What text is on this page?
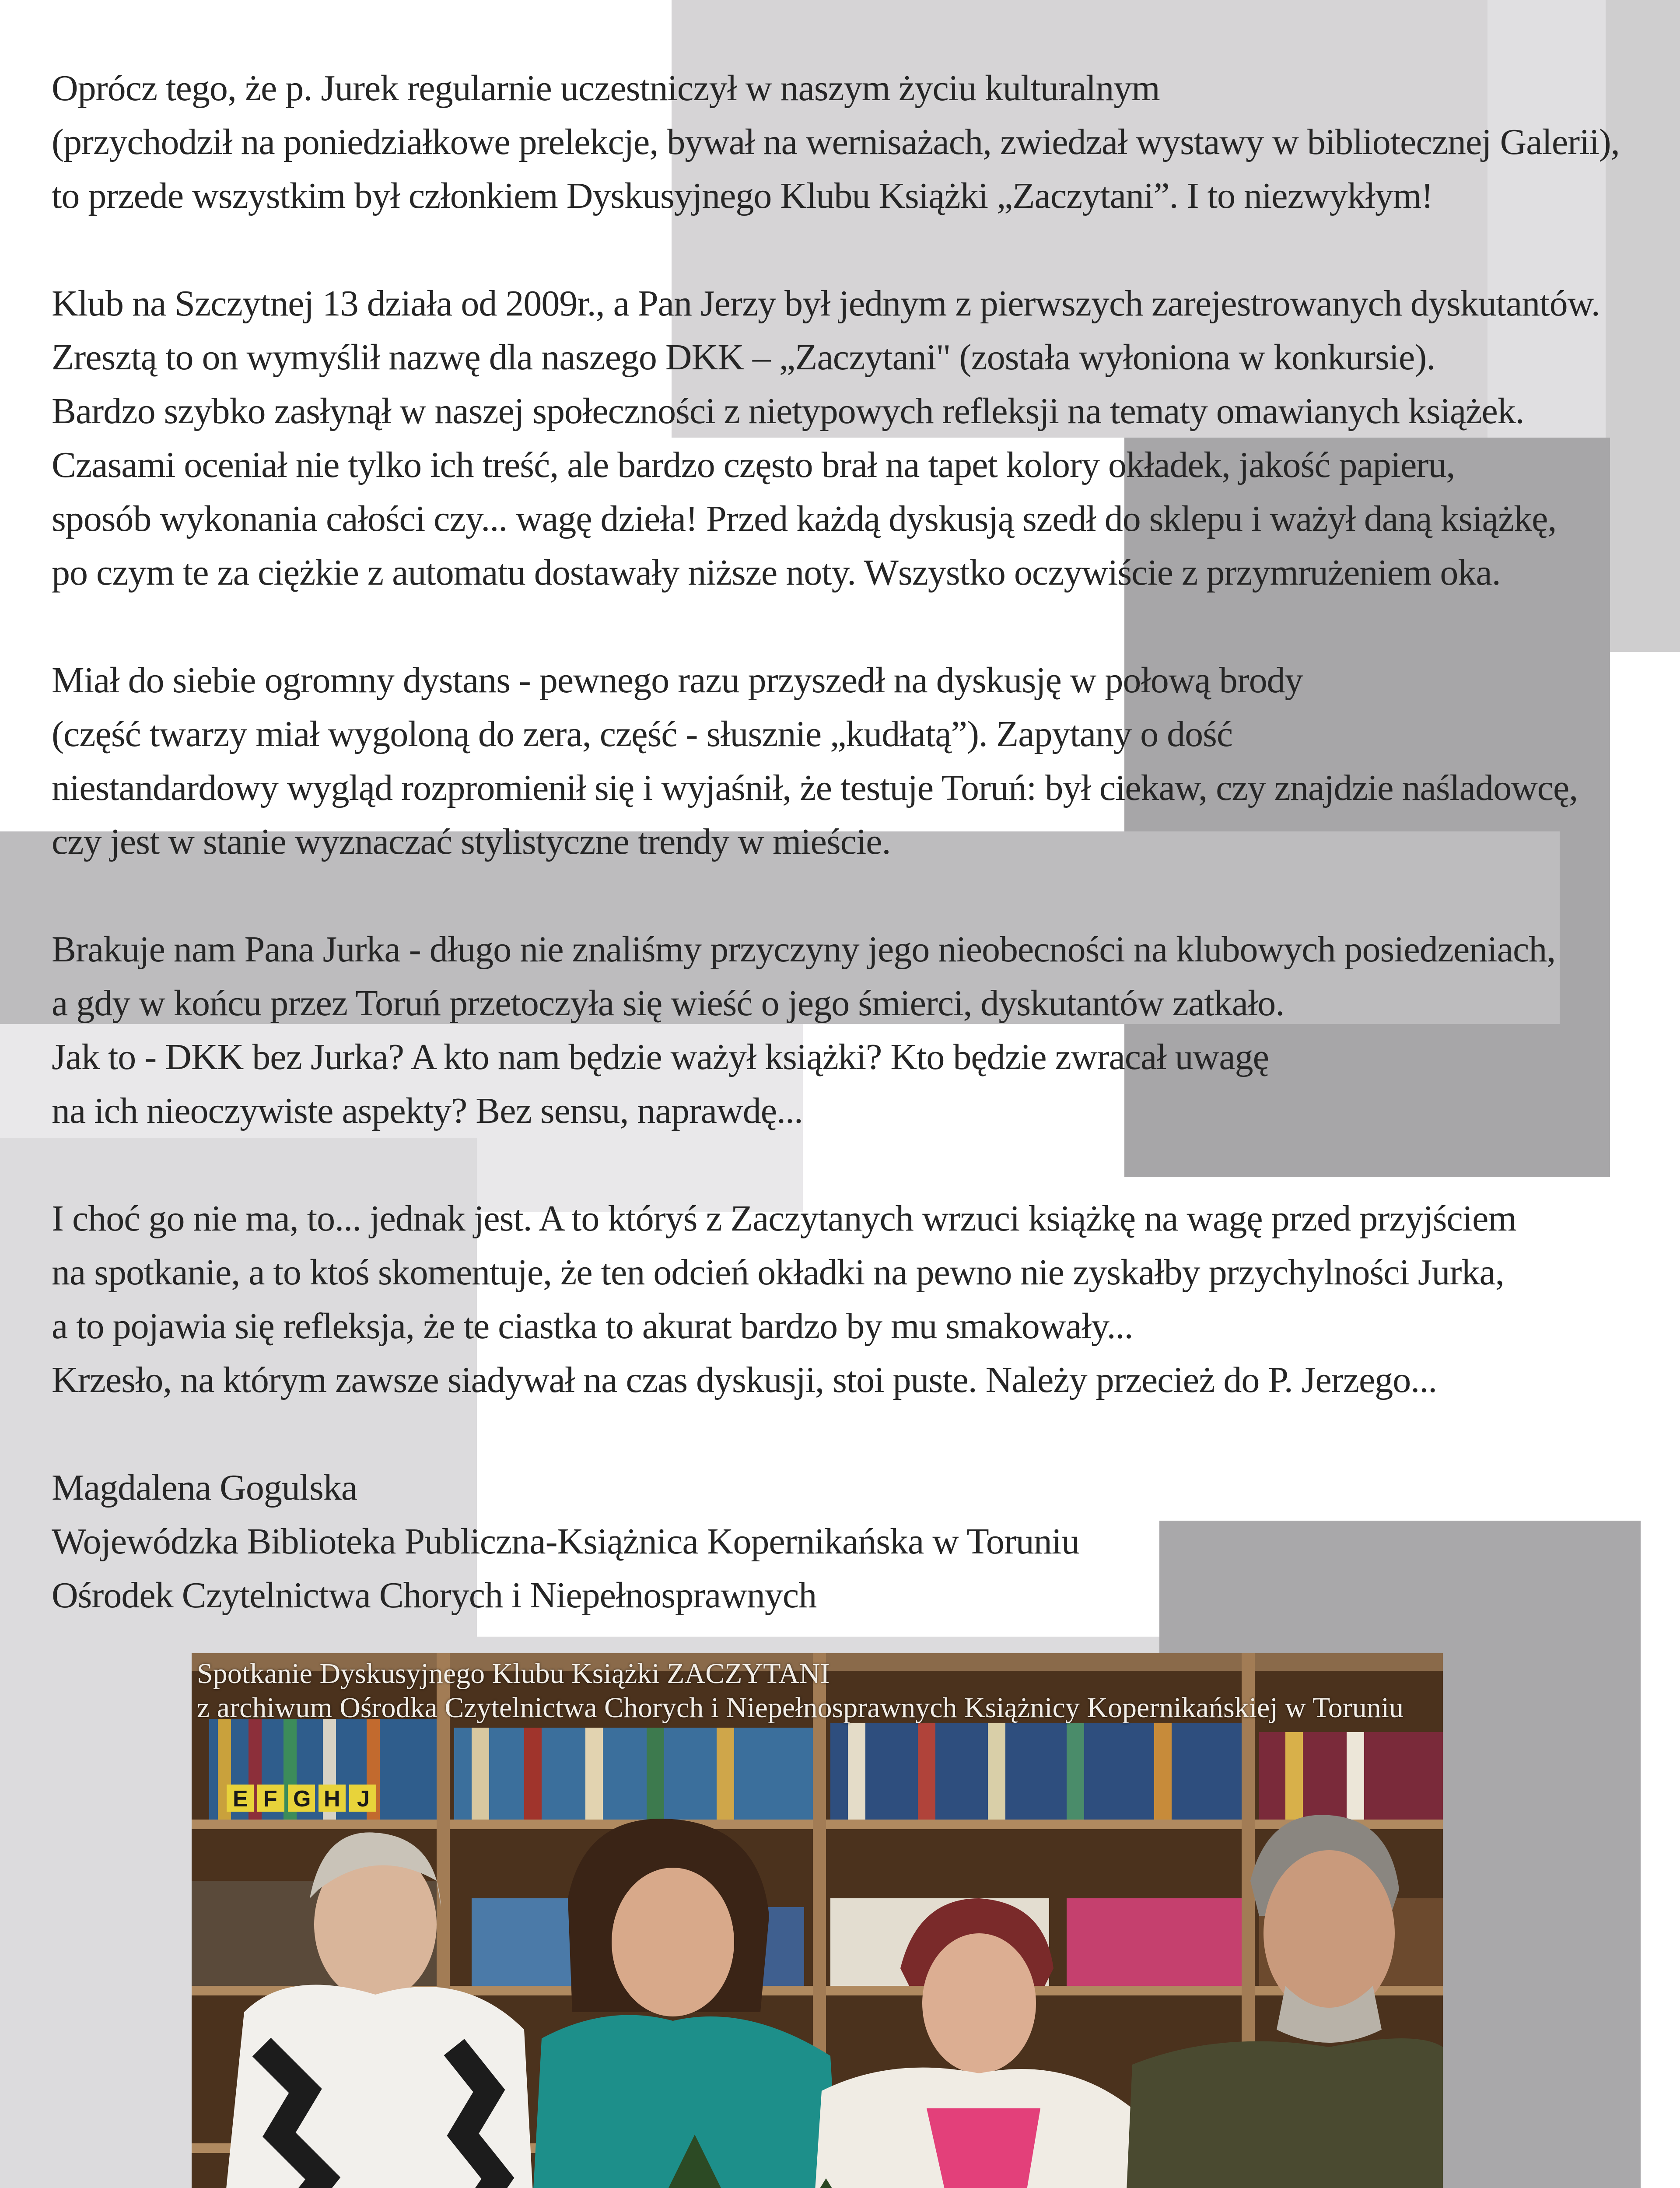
Oprócz tego, że p. Jurek regularnie uczestniczył w naszym życiu kulturalnym
(przychodził na poniedziałkowe prelekcje, bywał na wernisażach, zwiedzał wystawy w bibliotecznej Galerii),
to przede wszystkim był członkiem Dyskusyjnego Klubu Książki „Zaczytani”. I to niezwykłym!

Klub na Szczytnej 13 działa od 2009r., a Pan Jerzy był jednym z pierwszych zarejestrowanych dyskutantów.
Zresztą to on wymyślił nazwę dla naszego DKK – „Zaczytani" (została wyłoniona w konkursie).
Bardzo szybko zasłynął w naszej społeczności z nietypowych refleksji na tematy omawianych książek.
Czasami oceniał nie tylko ich treść, ale bardzo często brał na tapet kolory okładek, jakość papieru,
sposób wykonania całości czy... wagę dzieła! Przed każdą dyskusją szedł do sklepu i ważył daną książkę,
po czym te za ciężkie z automatu dostawały niższe noty. Wszystko oczywiście z przymrużeniem oka.

Miał do siebie ogromny dystans - pewnego razu przyszedł na dyskusję w połową brody
(część twarzy miał wygoloną do zera, część - słusznie „kudłatą”). Zapytany o dość
niestandardowy wygląd rozpromienił się i wyjaśnił, że testuje Toruń: był ciekaw, czy znajdzie naśladowcę,
czy jest w stanie wyznaczać stylistyczne trendy w mieście.

Brakuje nam Pana Jurka - długo nie znaliśmy przyczyny jego nieobecności na klubowych posiedzeniach,
a gdy w końcu przez Toruń przetoczyła się wieść o jego śmierci, dyskutantów zatkało.
Jak to - DKK bez Jurka? A kto nam będzie ważył książki? Kto będzie zwracał uwagę
na ich nieoczywiste aspekty? Bez sensu, naprawdę...

I choć go nie ma, to... jednak jest. A to któryś z Zaczytanych wrzuci książkę na wagę przed przyjściem
na spotkanie, a to ktoś skomentuje, że ten odcień okładki na pewno nie zyskałby przychylności Jurka,
a to pojawia się refleksja, że te ciastka to akurat bardzo by mu smakowały...
Krzesło, na którym zawsze siadywał na czas dyskusji, stoi puste. Należy przecież do P. Jerzego...

Magdalena Gogulska
Wojewódzka Biblioteka Publiczna-Książnica Kopernikańska w Toruniu
Ośrodek Czytelnictwa Chorych i Niepełnosprawnych

Spotkanie Dyskusyjnego Klubu Książki ZACZYTANI
z archiwum Ośrodka Czytelnictwa Chorych i Niepełnosprawnych Książnicy Kopernikańskiej w Toruniu
E F G H J
